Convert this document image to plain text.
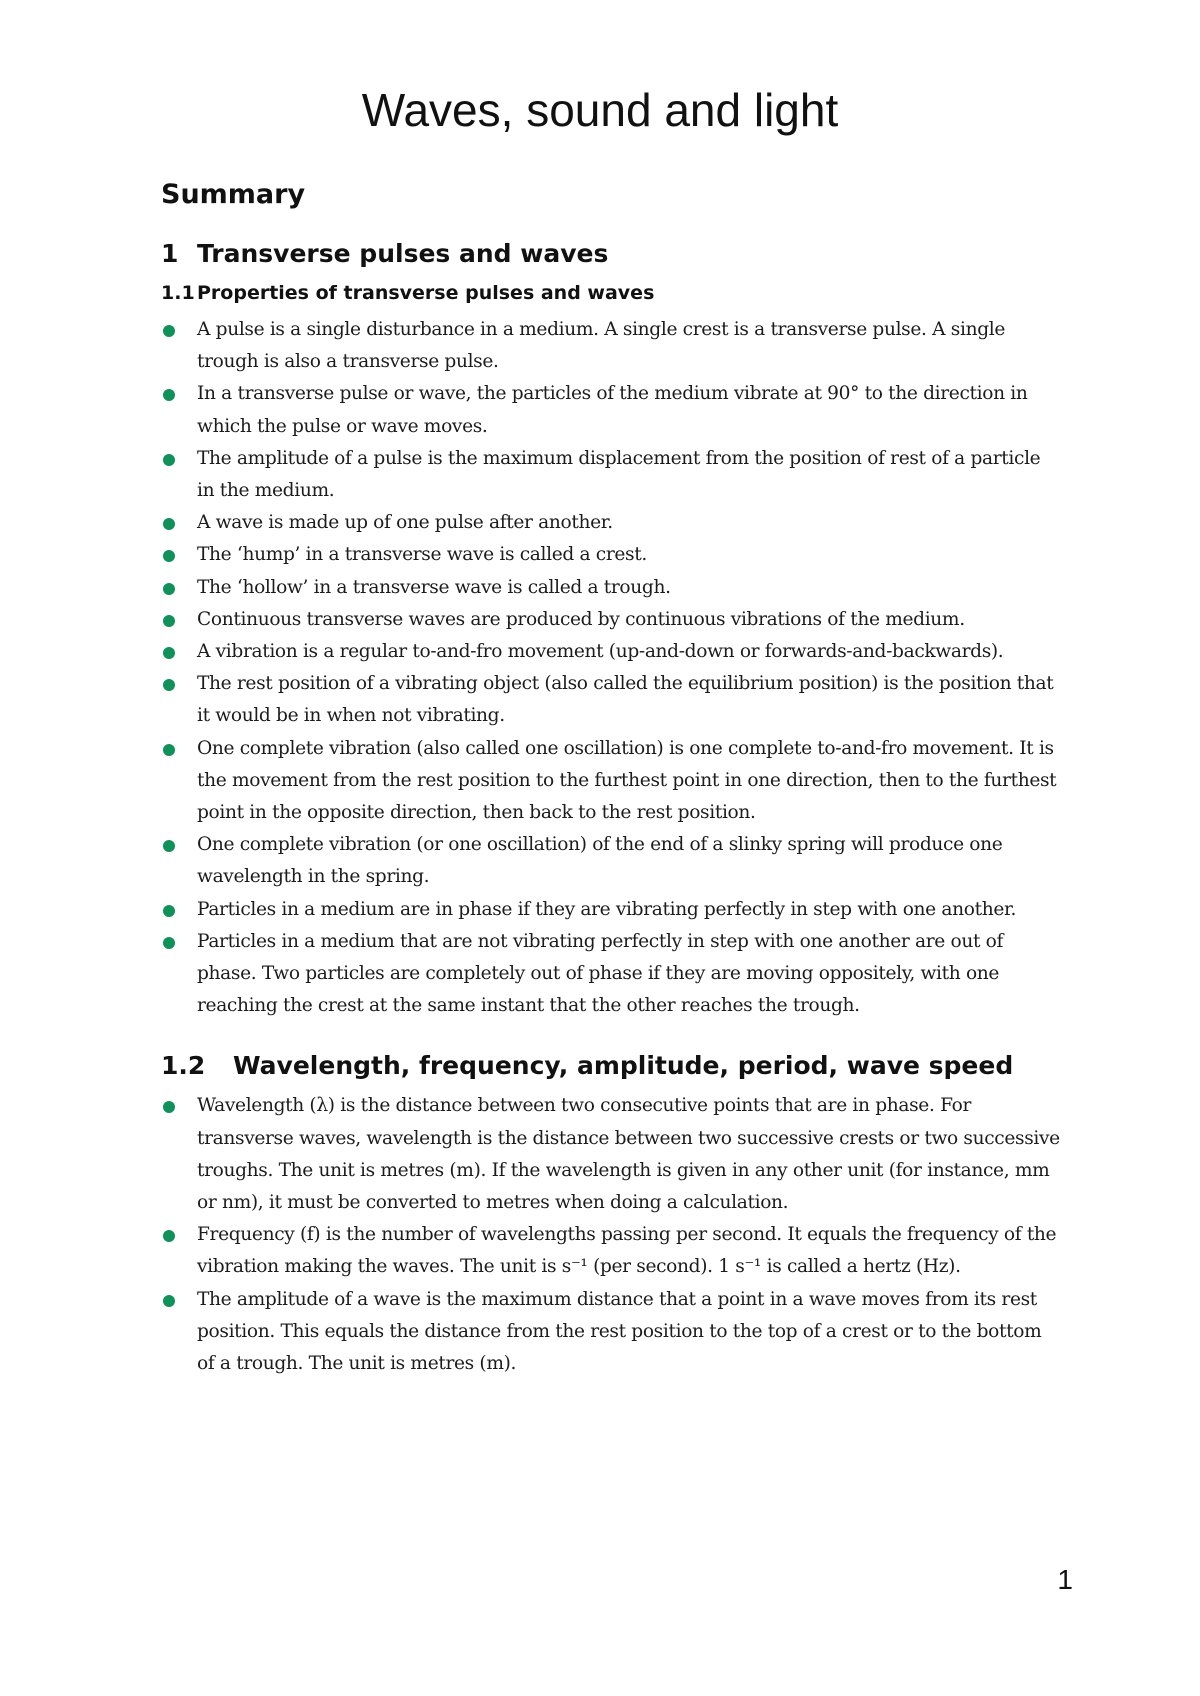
Waves, sound and light
Summary
1 Transverse pulses and waves
1.1 Properties of transverse pulses and waves
A pulse is a single disturbance in a medium. A single crest is a transverse pulse. A single trough is also a transverse pulse.
In a transverse pulse or wave, the particles of the medium vibrate at 90° to the direction in which the pulse or wave moves.
The amplitude of a pulse is the maximum displacement from the position of rest of a particle in the medium.
A wave is made up of one pulse after another.
The ‘hump’ in a transverse wave is called a crest.
The ‘hollow’ in a transverse wave is called a trough.
Continuous transverse waves are produced by continuous vibrations of the medium.
A vibration is a regular to-and-fro movement (up-and-down or forwards-and-backwards).
The rest position of a vibrating object (also called the equilibrium position) is the position that it would be in when not vibrating.
One complete vibration (also called one oscillation) is one complete to-and-fro movement. It is the movement from the rest position to the furthest point in one direction, then to the furthest point in the opposite direction, then back to the rest position.
One complete vibration (or one oscillation) of the end of a slinky spring will produce one wavelength in the spring.
Particles in a medium are in phase if they are vibrating perfectly in step with one another.
Particles in a medium that are not vibrating perfectly in step with one another are out of phase. Two particles are completely out of phase if they are moving oppositely, with one reaching the crest at the same instant that the other reaches the trough.
1.2	Wavelength, frequency, amplitude, period, wave speed
Wavelength (λ) is the distance between two consecutive points that are in phase. For transverse waves, wavelength is the distance between two successive crests or two successive troughs. The unit is metres (m). If the wavelength is given in any other unit (for instance, mm or nm), it must be converted to metres when doing a calculation.
Frequency (f) is the number of wavelengths passing per second. It equals the frequency of the vibration making the waves. The unit is s⁻¹ (per second). 1 s⁻¹ is called a hertz (Hz).
The amplitude of a wave is the maximum distance that a point in a wave moves from its rest position. This equals the distance from the rest position to the top of a crest or to the bottom of a trough. The unit is metres (m).
1
